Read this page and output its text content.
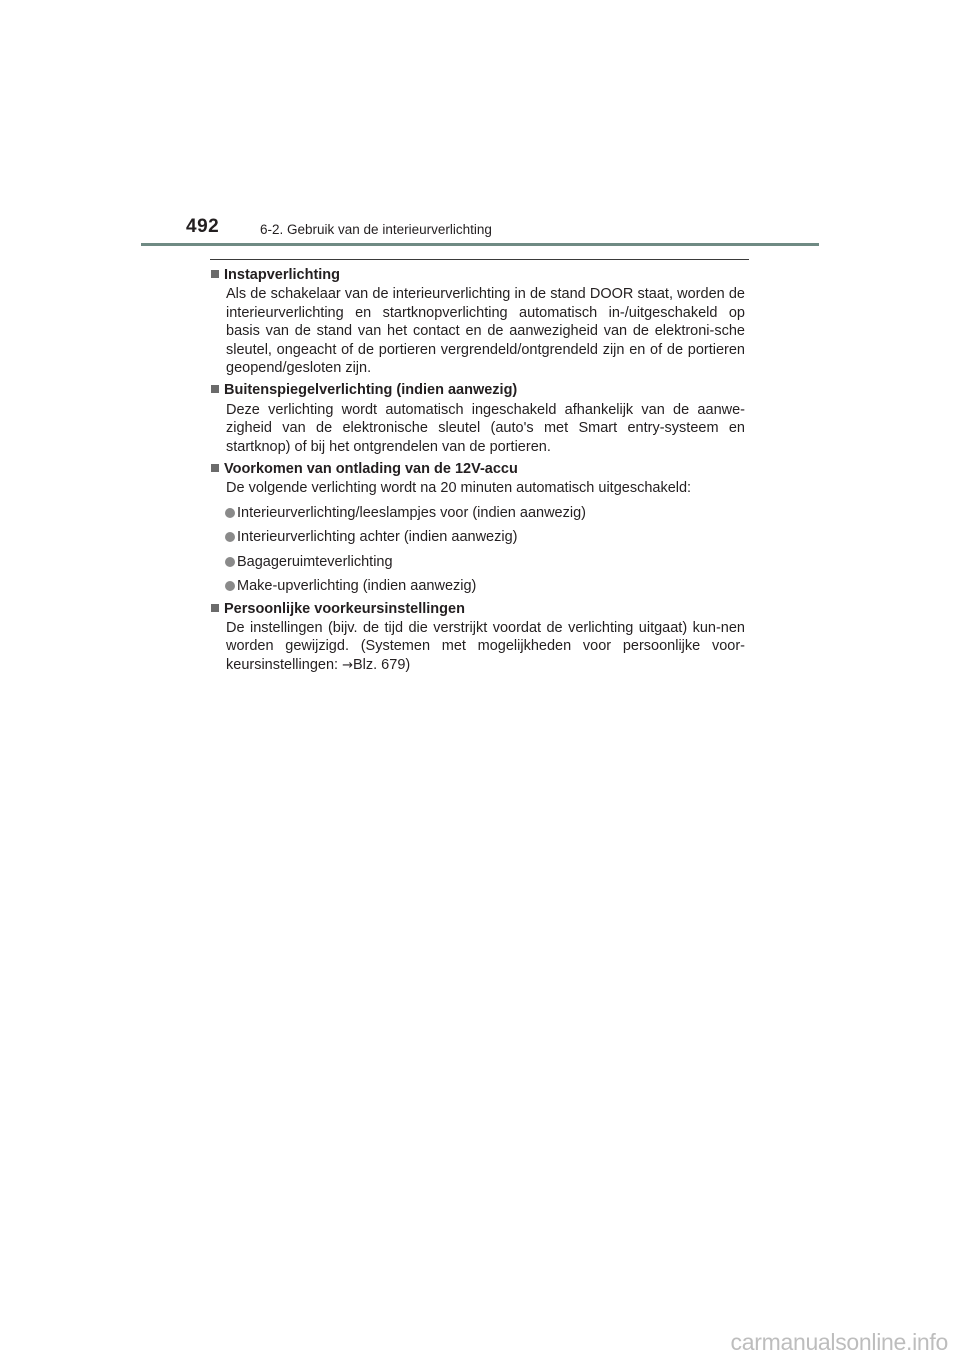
492	6-2. Gebruik van de interieurverlichting
Instapverlichting
Als de schakelaar van de interieurverlichting in de stand DOOR staat, worden de interieurverlichting en startknopverlichting automatisch in-/uitgeschakeld op basis van de stand van het contact en de aanwezigheid van de elektroni-sche sleutel, ongeacht of de portieren vergrendeld/ontgrendeld zijn en of de portieren geopend/gesloten zijn.
Buitenspiegelverlichting (indien aanwezig)
Deze verlichting wordt automatisch ingeschakeld afhankelijk van de aanwe-zigheid van de elektronische sleutel (auto's met Smart entry-systeem en startknop) of bij het ontgrendelen van de portieren.
Voorkomen van ontlading van de 12V-accu
De volgende verlichting wordt na 20 minuten automatisch uitgeschakeld:
Interieurverlichting/leeslampjes voor (indien aanwezig)
Interieurverlichting achter (indien aanwezig)
Bagageruimteverlichting
Make-upverlichting (indien aanwezig)
Persoonlijke voorkeursinstellingen
De instellingen (bijv. de tijd die verstrijkt voordat de verlichting uitgaat) kun-nen worden gewijzigd. (Systemen met mogelijkheden voor persoonlijke voor-keursinstellingen: →Blz. 679)
carmanualsonline.info
